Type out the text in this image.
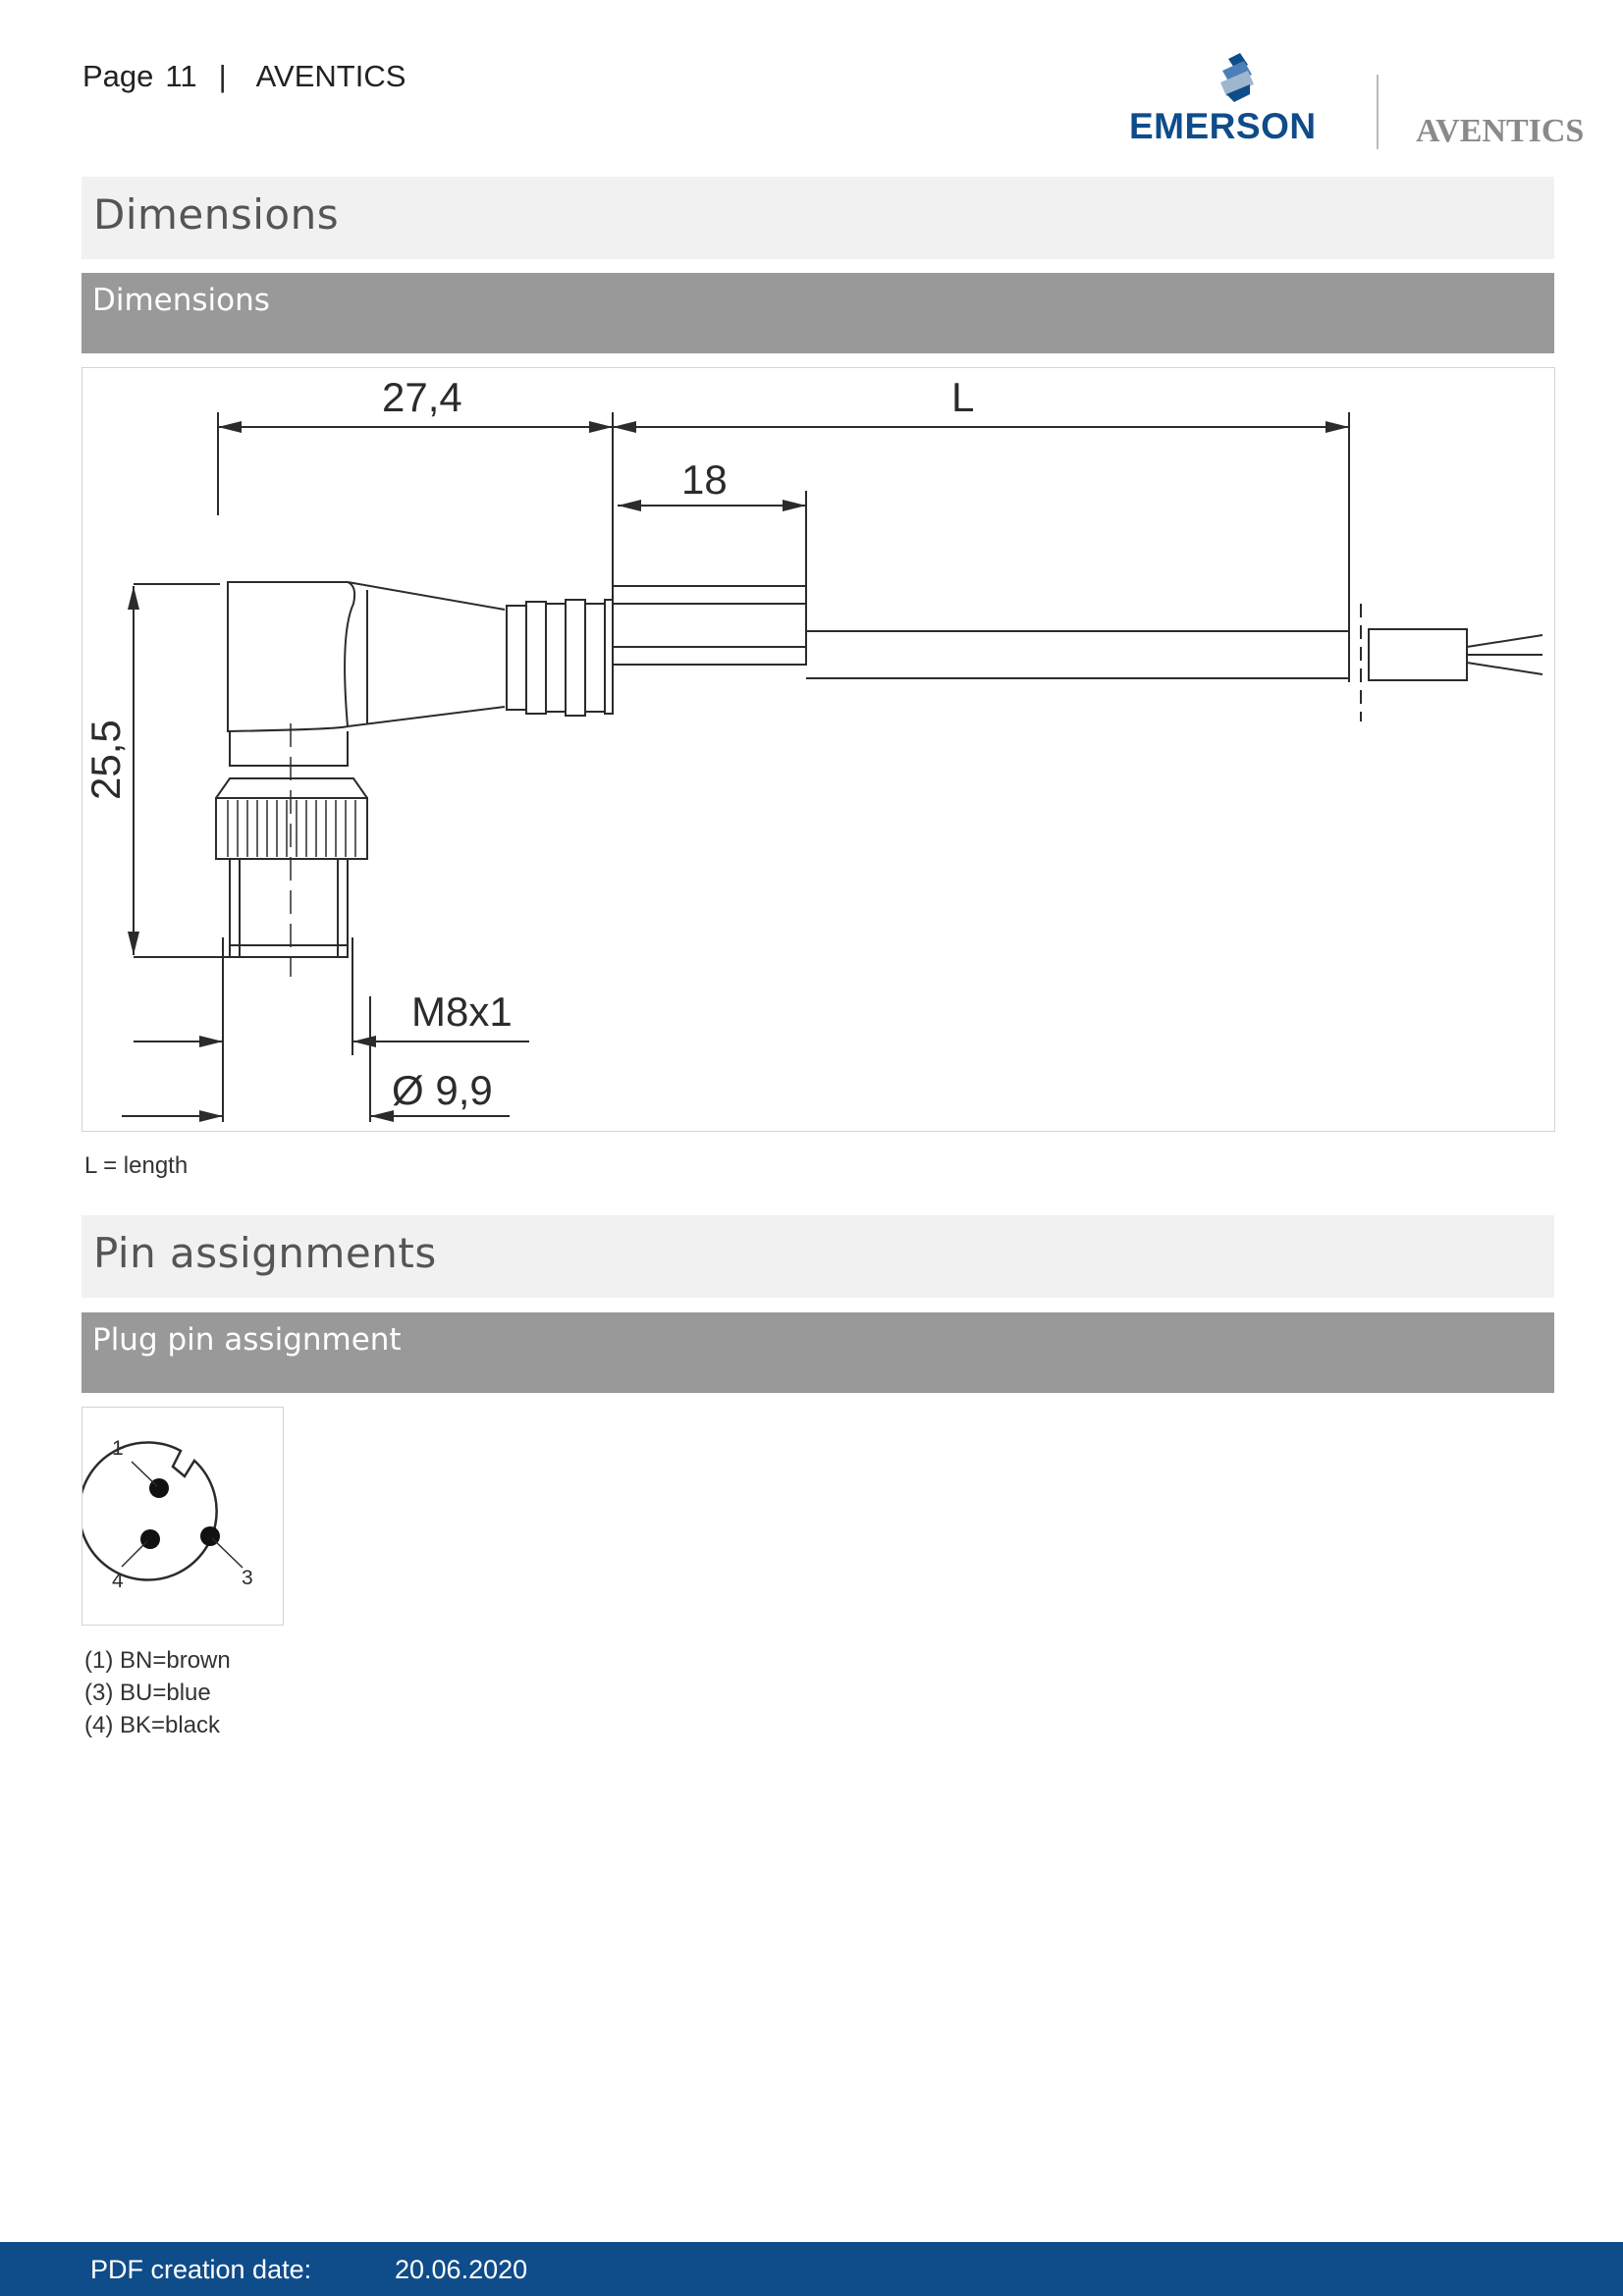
Page 11 | AVENTICS
EMERSON	AVENTICS
Dimensions
Dimensions
27,4	L
18
25,5
M8x1
Ø 9,9
L = length
Pin assignments
Plug pin assignment
1
3
4
(1) BN=brown
(3) BU=blue
(4) BK=black
PDF creation date:	20.06.2020
